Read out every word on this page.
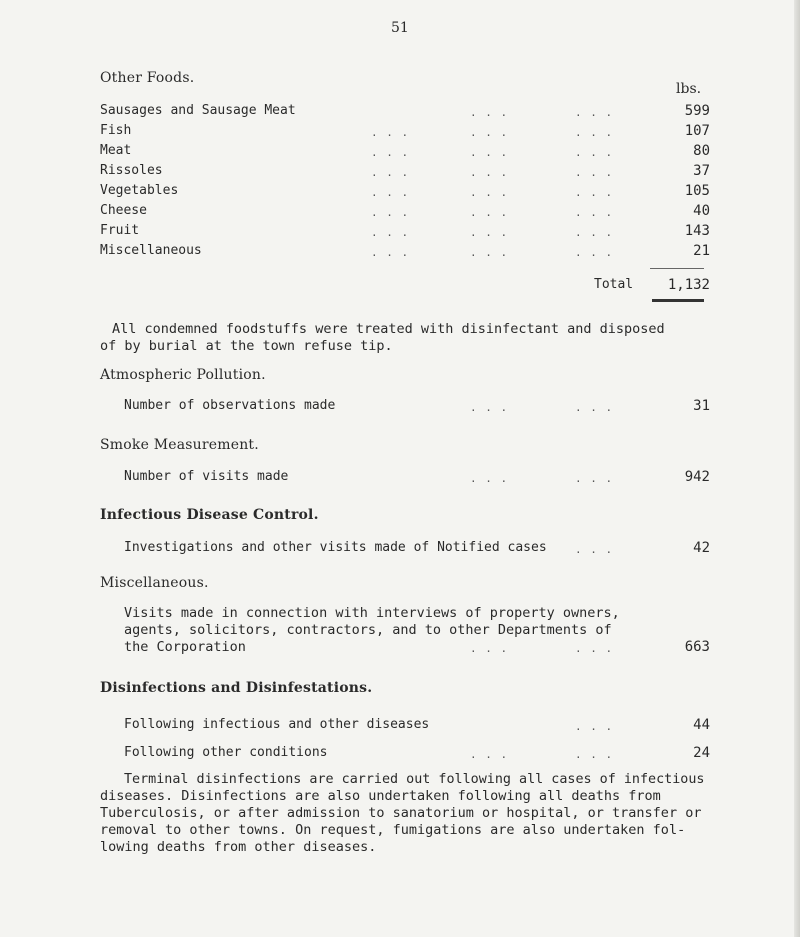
51
Other Foods.
lbs.
Sausages and Sausage Meat	. . .	. . .	599
Fish	. . .	. . .	. . .	107
Meat	. . .	. . .	. . .	80
Rissoles	. . .	. . .	. . .	37
Vegetables	. . .	. . .	. . .	105
Cheese	. . .	. . .	. . .	40
Fruit	. . .	. . .	. . .	143
Miscellaneous	. . .	. . .	. . .	21
Total	1,132
All condemned foodstuffs were treated with disinfectant and disposed
of by burial at the town refuse tip.
Atmospheric Pollution.
Number of observations made	. . .	. . .	31
Smoke Measurement.
Number of visits made	. . .	. . .	942
Infectious Disease Control.
Investigations and other visits made of Notified cases	. . .	42
Miscellaneous.
Visits made in connection with interviews of property owners,
agents, solicitors, contractors, and to other Departments of
the Corporation	. . .	. . .	663
Disinfections and Disinfestations.
Following infectious and other diseases	. . .	44
Following other conditions	. . .	. . .	24
Terminal disinfections are carried out following all cases of infectious
diseases. Disinfections are also undertaken following all deaths from
Tuberculosis, or after admission to sanatorium or hospital, or transfer or
removal to other towns. On request, fumigations are also undertaken fol-
lowing deaths from other diseases.
